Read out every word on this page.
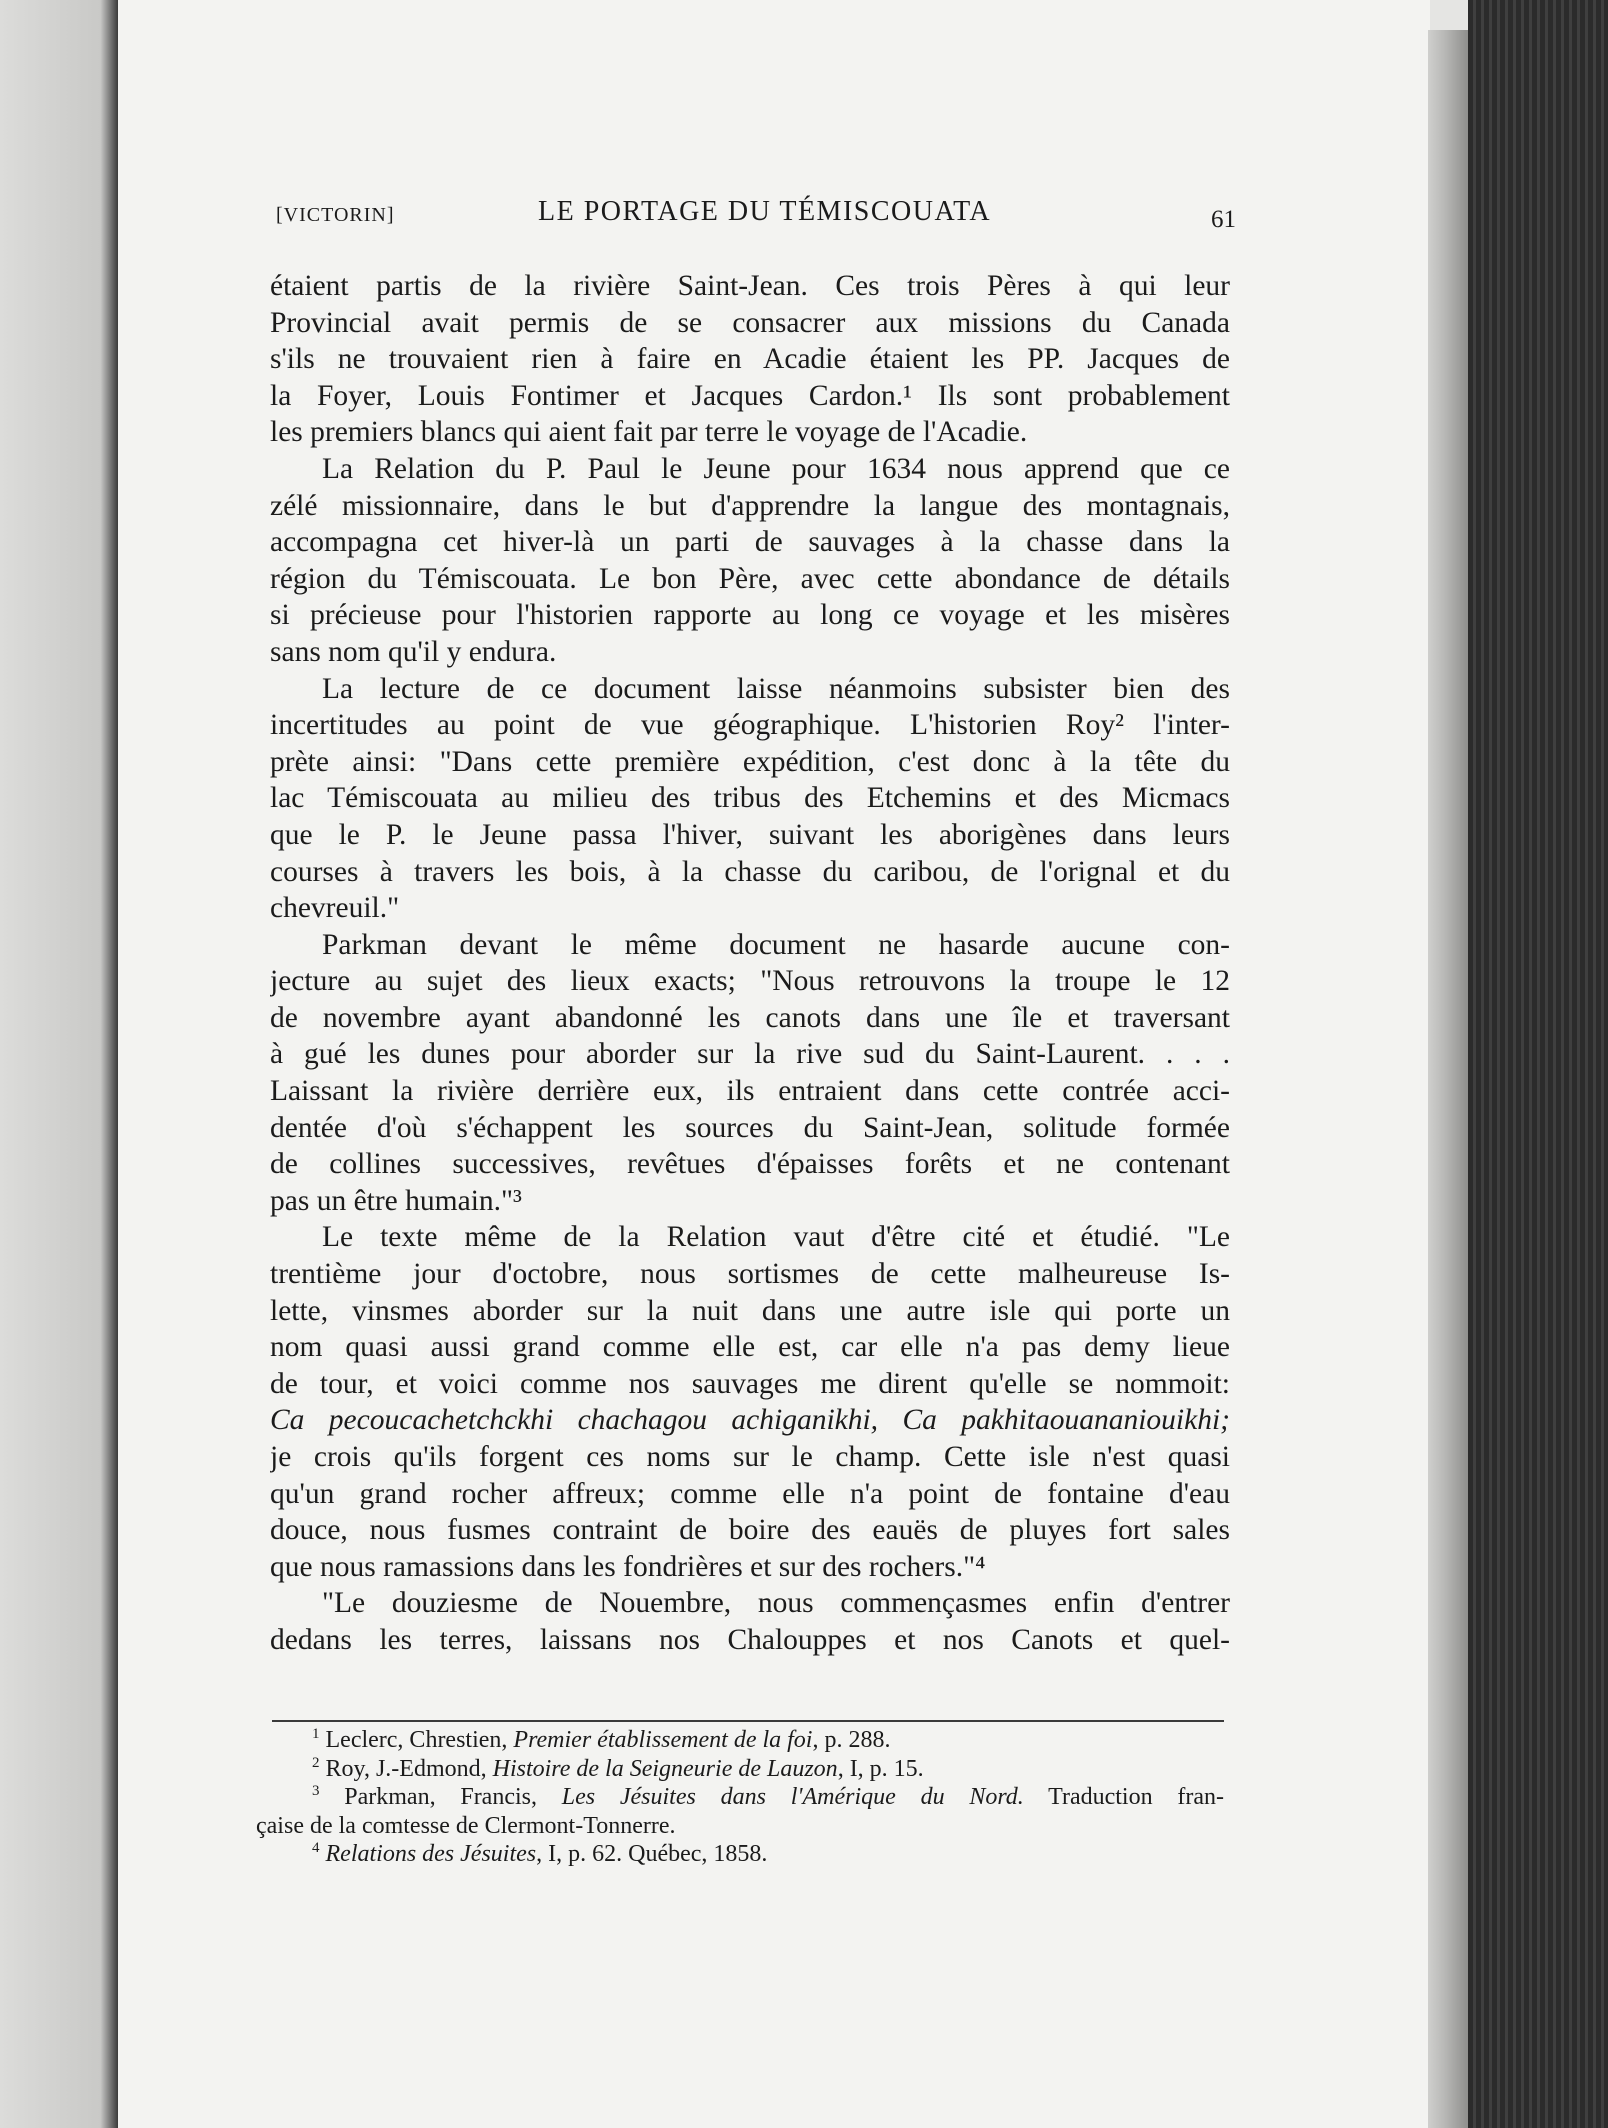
[VICTORIN]	LE PORTAGE DU TÉMISCOUATA	61
étaient partis de la rivière Saint-Jean. Ces trois Pères à qui leur
Provincial avait permis de se consacrer aux missions du Canada
s'ils ne trouvaient rien à faire en Acadie étaient les PP. Jacques de
la Foyer, Louis Fontimer et Jacques Cardon.¹ Ils sont probablement
les premiers blancs qui aient fait par terre le voyage de l'Acadie.
La Relation du P. Paul le Jeune pour 1634 nous apprend que ce
zélé missionnaire, dans le but d'apprendre la langue des montagnais,
accompagna cet hiver-là un parti de sauvages à la chasse dans la
région du Témiscouata. Le bon Père, avec cette abondance de détails
si précieuse pour l'historien rapporte au long ce voyage et les misères
sans nom qu'il y endura.
La lecture de ce document laisse néanmoins subsister bien des
incertitudes au point de vue géographique. L'historien Roy² l'inter-
prète ainsi: "Dans cette première expédition, c'est donc à la tête du
lac Témiscouata au milieu des tribus des Etchemins et des Micmacs
que le P. le Jeune passa l'hiver, suivant les aborigènes dans leurs
courses à travers les bois, à la chasse du caribou, de l'orignal et du
chevreuil."
Parkman devant le même document ne hasarde aucune con-
jecture au sujet des lieux exacts; "Nous retrouvons la troupe le 12
de novembre ayant abandonné les canots dans une île et traversant
à gué les dunes pour aborder sur la rive sud du Saint-Laurent. . . .
Laissant la rivière derrière eux, ils entraient dans cette contrée acci-
dentée d'où s'échappent les sources du Saint-Jean, solitude formée
de collines successives, revêtues d'épaisses forêts et ne contenant
pas un être humain."³
Le texte même de la Relation vaut d'être cité et étudié. "Le
trentième jour d'octobre, nous sortismes de cette malheureuse Is-
lette, vinsmes aborder sur la nuit dans une autre isle qui porte un
nom quasi aussi grand comme elle est, car elle n'a pas demy lieue
de tour, et voici comme nos sauvages me dirent qu'elle se nommoit:
Ca pecoucachetchckhi chachagou achiganikhi, Ca pakhitaouananiouikhi;
je crois qu'ils forgent ces noms sur le champ. Cette isle n'est quasi
qu'un grand rocher affreux; comme elle n'a point de fontaine d'eau
douce, nous fusmes contraint de boire des eauës de pluyes fort sales
que nous ramassions dans les fondrières et sur des rochers."⁴
"Le douziesme de Nouembre, nous commençasmes enfin d'entrer
dedans les terres, laissans nos Chalouppes et nos Canots et quel-
$^1$ Leclerc, Chrestien, Premier établissement de la foi, p. 288.
$^2$ Roy, J.-Edmond, Histoire de la Seigneurie de Lauzon, I, p. 15.
$^3$ Parkman, Francis, Les Jésuites dans l'Amérique du Nord. Traduction fran-
çaise de la comtesse de Clermont-Tonnerre.
$^4$ Relations des Jésuites, I, p. 62. Québec, 1858.
